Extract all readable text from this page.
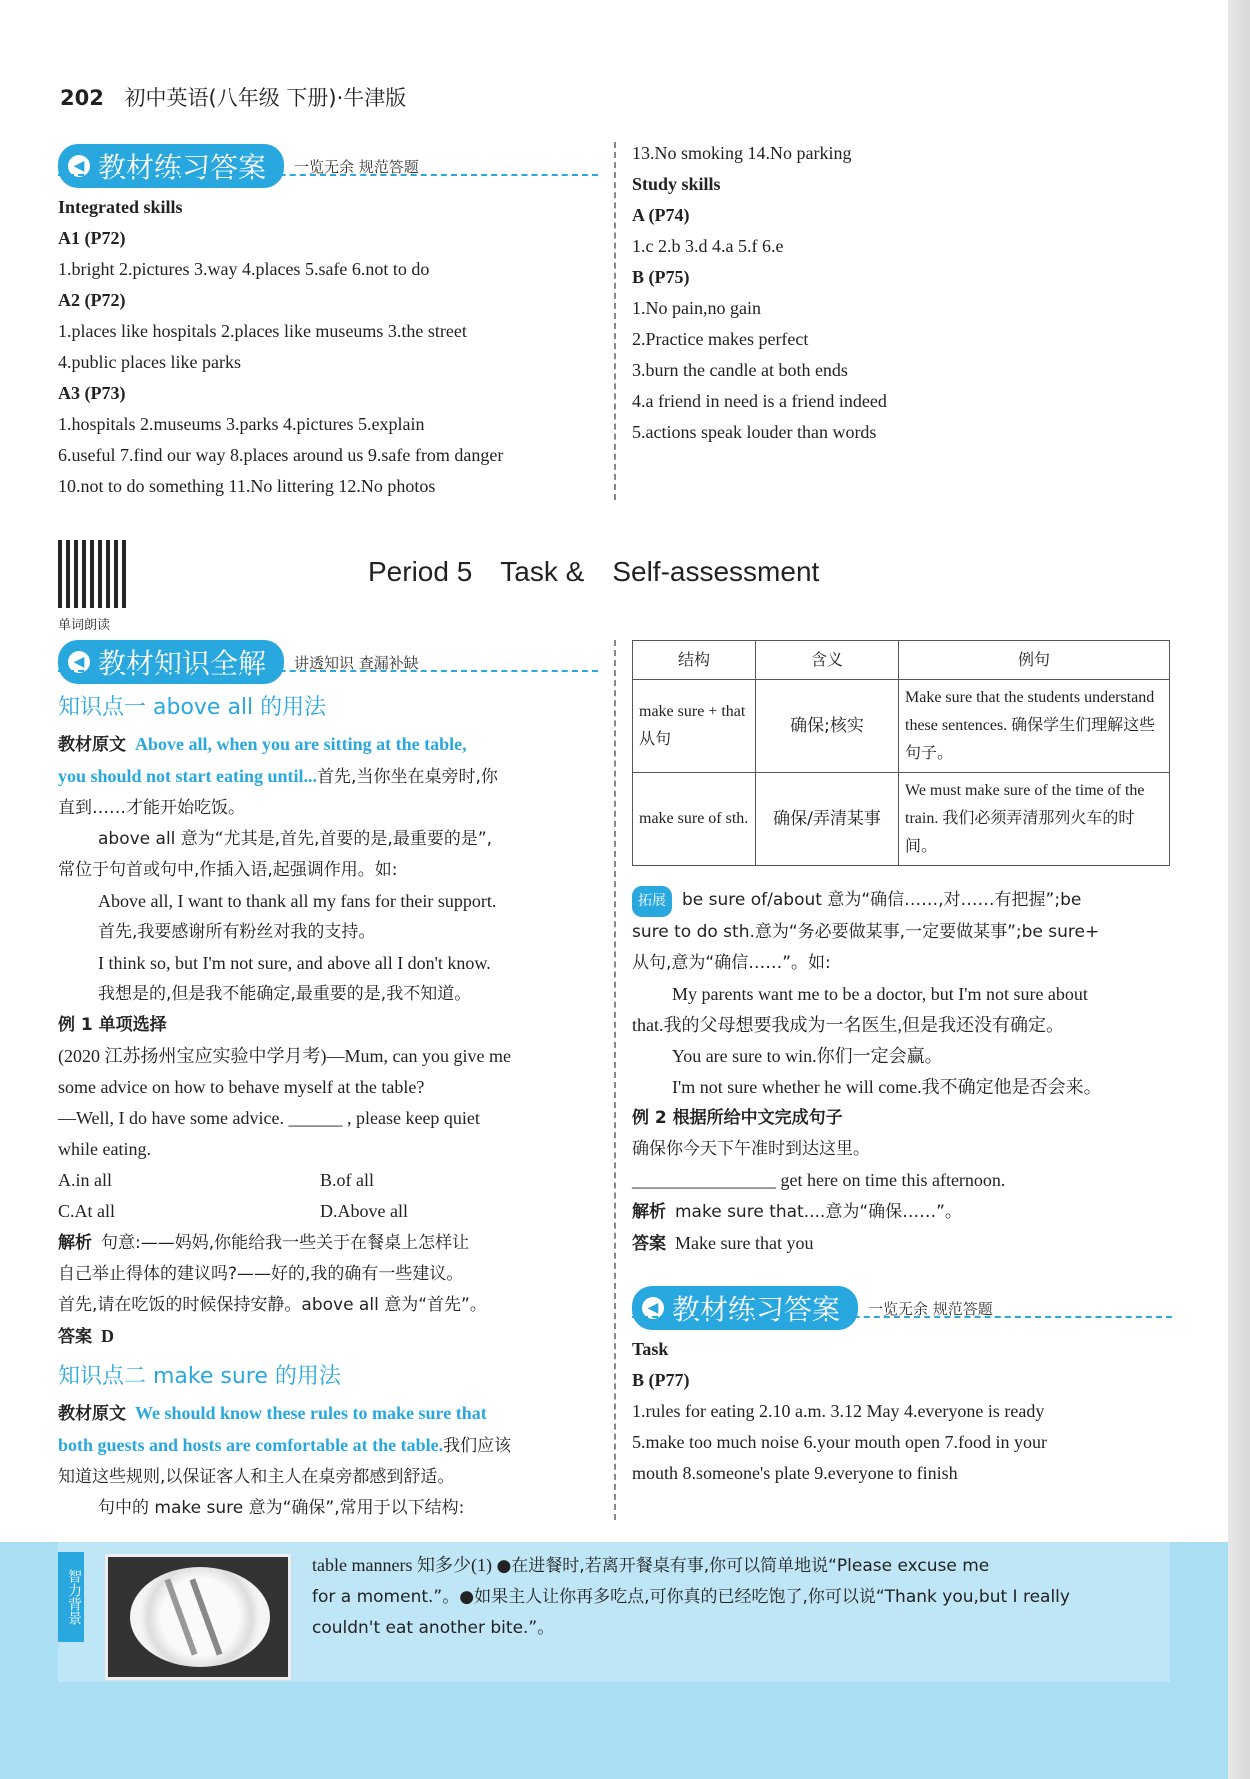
202 初中英语(八年级 下册)·牛津版
◀ 教材练习答案 一览无余 规范答题

Integrated skills

A1 (P72)

1.bright 2.pictures 3.way 4.places 5.safe 6.not to do

A2 (P72)

1.places like hospitals 2.places like museums 3.the street

4.public places like parks

A3 (P73)

1.hospitals 2.museums 3.parks 4.pictures 5.explain

6.useful 7.find our way 8.places around us 9.safe from danger

10.not to do something 11.No littering 12.No photos

13.No smoking 14.No parking

Study skills

A (P74)

1.c 2.b 3.d 4.a 5.f 6.e

B (P75)

1.No pain,no gain

2.Practice makes perfect

3.burn the candle at both ends

4.a friend in need is a friend indeed

5.actions speak louder than words

单词朗读
Period 5 Task & Self-assessment
◀ 教材知识全解 讲透知识 查漏补缺

知识点一 above all 的用法

教材原文 Above all, when you are sitting at the table,

you should not start eating until...首先,当你坐在桌旁时,你

直到……才能开始吃饭。

above all 意为“尤其是,首先,首要的是,最重要的是”,

常位于句首或句中,作插入语,起强调作用。如:

Above all, I want to thank all my fans for their support.

首先,我要感谢所有粉丝对我的支持。

I think so, but I'm not sure, and above all I don't know.

我想是的,但是我不能确定,最重要的是,我不知道。

例 1 单项选择

(2020 江苏扬州宝应实验中学月考)—Mum, can you give me

some advice on how to behave myself at the table?

—Well, I do have some advice. ______ , please keep quiet

while eating.

A.in all	B.of all

C.At all	D.Above all

解析 句意:——妈妈,你能给我一些关于在餐桌上怎样让

自己举止得体的建议吗?——好的,我的确有一些建议。

首先,请在吃饭的时候保持安静。above all 意为“首先”。

答案 D

知识点二 make sure 的用法

教材原文 We should know these rules to make sure that

both guests and hosts are comfortable at the table.我们应该

知道这些规则,以保证客人和主人在桌旁都感到舒适。

句中的 make sure 意为“确保”,常用于以下结构:

结构	含义	例句
make sure + that 从句	确保;核实	Make sure that the students understand these sentences. 确保学生们理解这些句子。
make sure of sth.	确保/弄清某事	We must make sure of the time of the train. 我们必须弄清那列火车的时间。

拓展 be sure of/about 意为“确信……,对……有把握”;be

sure to do sth.意为“务必要做某事,一定要做某事”;be sure+

从句,意为“确信……”。如:

My parents want me to be a doctor, but I'm not sure about

that.我的父母想要我成为一名医生,但是我还没有确定。

You are sure to win.你们一定会赢。

I'm not sure whether he will come.我不确定他是否会来。

例 2 根据所给中文完成句子

确保你今天下午准时到达这里。

________________ get here on time this afternoon.

解析 make sure that....意为“确保……”。

答案 Make sure that you

◀ 教材练习答案 一览无余 规范答题

Task

B (P77)

1.rules for eating 2.10 a.m. 3.12 May 4.everyone is ready

5.make too much noise 6.your mouth open 7.food in your

mouth 8.someone's plate 9.everyone to finish

智力背景
table manners 知多少(1) ●在进餐时,若离开餐桌有事,你可以简单地说“Please excuse me
for a moment.”。●如果主人让你再多吃点,可你真的已经吃饱了,你可以说“Thank you,but I really
couldn't eat another bite.”。
